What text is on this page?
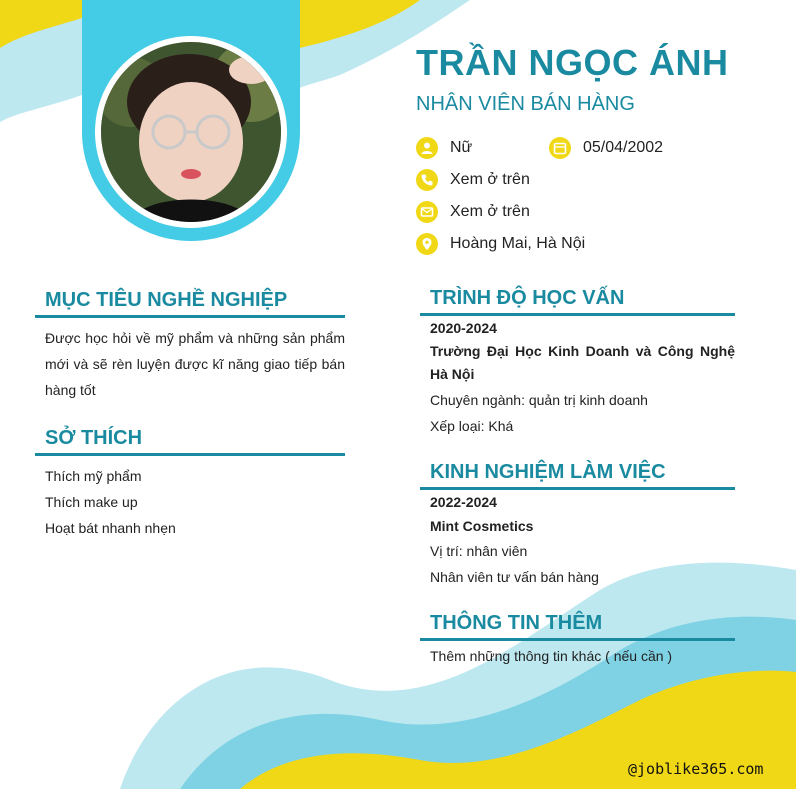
TRẦN NGỌC ÁNH
NHÂN VIÊN BÁN HÀNG
Nữ	05/04/2002
Xem ở trên
Xem ở trên
Hoàng Mai, Hà Nội
MỤC TIÊU NGHỀ NGHIỆP
Được học hỏi về mỹ phẩm và những sản phẩm mới và sẽ rèn luyện được kĩ năng giao tiếp bán hàng tốt
SỞ THÍCH
Thích mỹ phẩm
Thích make up
Hoạt bát nhanh nhẹn
TRÌNH ĐỘ HỌC VẤN
2020-2024
Trường Đại Học Kinh Doanh và Công Nghệ Hà Nội
Chuyên ngành: quản trị kinh doanh
Xếp loại: Khá
KINH NGHIỆM LÀM VIỆC
2022-2024
Mint Cosmetics
Vị trí: nhân viên
Nhân viên tư vấn bán hàng
THÔNG TIN THÊM
Thêm những thông tin khác ( nếu cần )
@joblike365.com
